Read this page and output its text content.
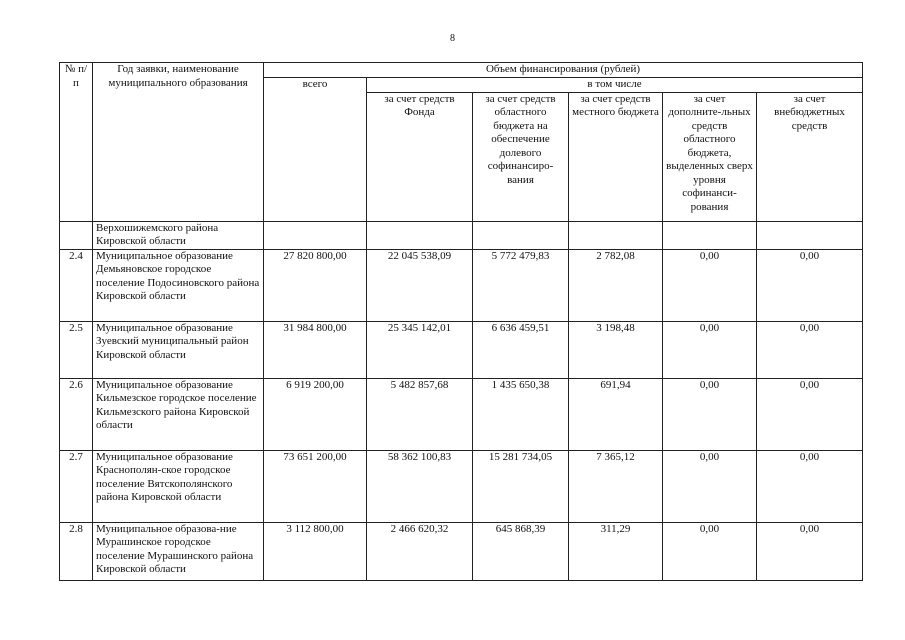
8
№ п/п	Год заявки, наименование муниципального образования	Объем финансирования (рублей)					
		всего	в том числе				
			за счет средств Фонда	за счет средств областного бюджета на обеспечение долевого софинансиро-вания	за счет средств местного бюджета	за счет дополните-льных средств областного бюджета, выделенных сверх уровня софинанси-рования	за счет внебюджетных средств
	Верхошижемского района Кировской области						
2.4	Муниципальное образование Демьяновское городское поселение Подосиновского района Кировской области	27 820 800,00	22 045 538,09	5 772 479,83	2 782,08	0,00	0,00
2.5	Муниципальное образование Зуевский муниципальный район Кировской области	31 984 800,00	25 345 142,01	6 636 459,51	3 198,48	0,00	0,00
2.6	Муниципальное образование Кильмезское городское поселение Кильмезского района Кировской области	6 919 200,00	5 482 857,68	1 435 650,38	691,94	0,00	0,00
2.7	Муниципальное образование Краснополян-ское городское поселение Вятскополянского района Кировской области	73 651 200,00	58 362 100,83	15 281 734,05	7 365,12	0,00	0,00
2.8	Муниципальное образова-ние Мурашинское городское поселение Мурашинского района Кировской области	3 112 800,00	2 466 620,32	645 868,39	311,29	0,00	0,00
